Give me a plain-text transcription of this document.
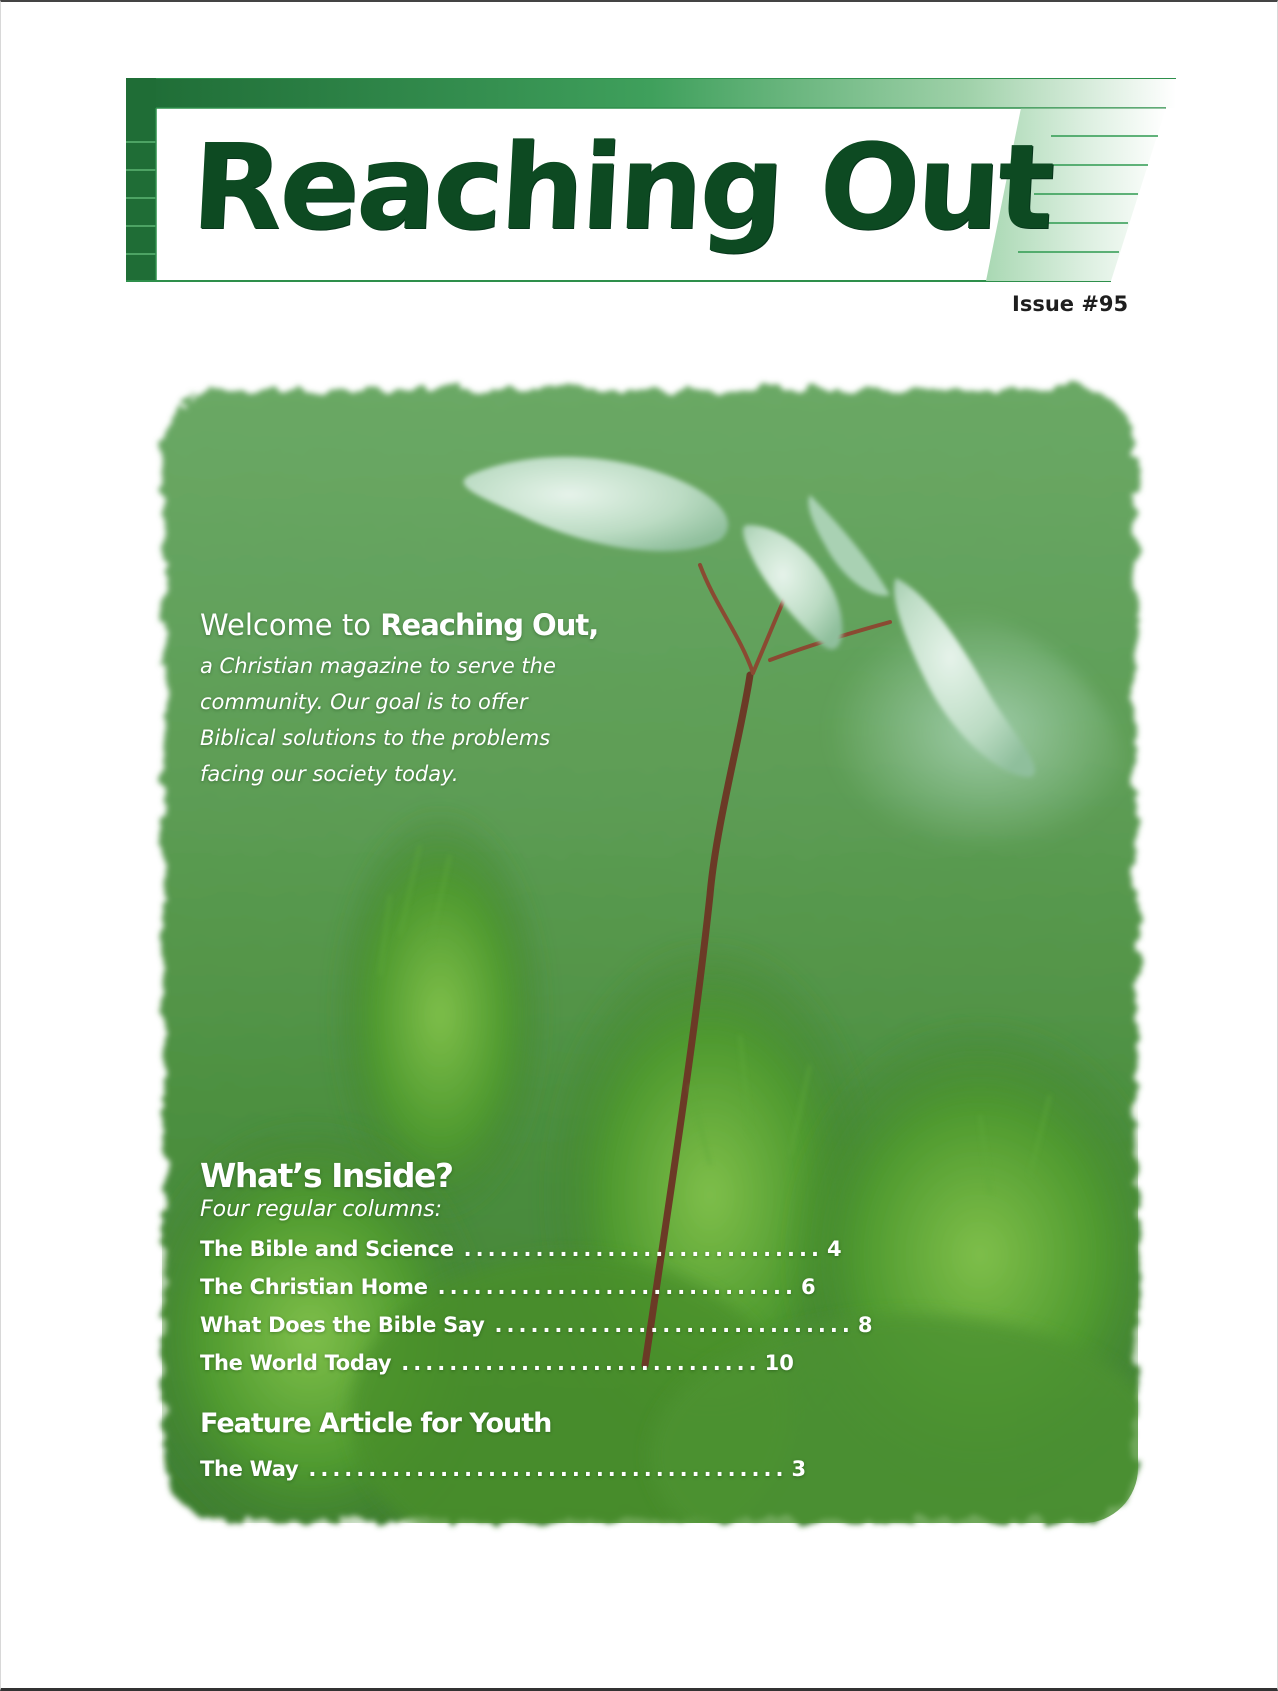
Reaching Out
Issue #95
Welcome to Reaching Out,
a Christian magazine to serve the
community. Our goal is to offer
Biblical solutions to the problems
facing our society today.
What’s Inside?

Four regular columns:

The Bible and Science .............................. 4
The Christian Home .............................. 6
What Does the Bible Say .............................. 8
The World Today .............................. 10
Feature Article for Youth
The Way ........................................ 3
